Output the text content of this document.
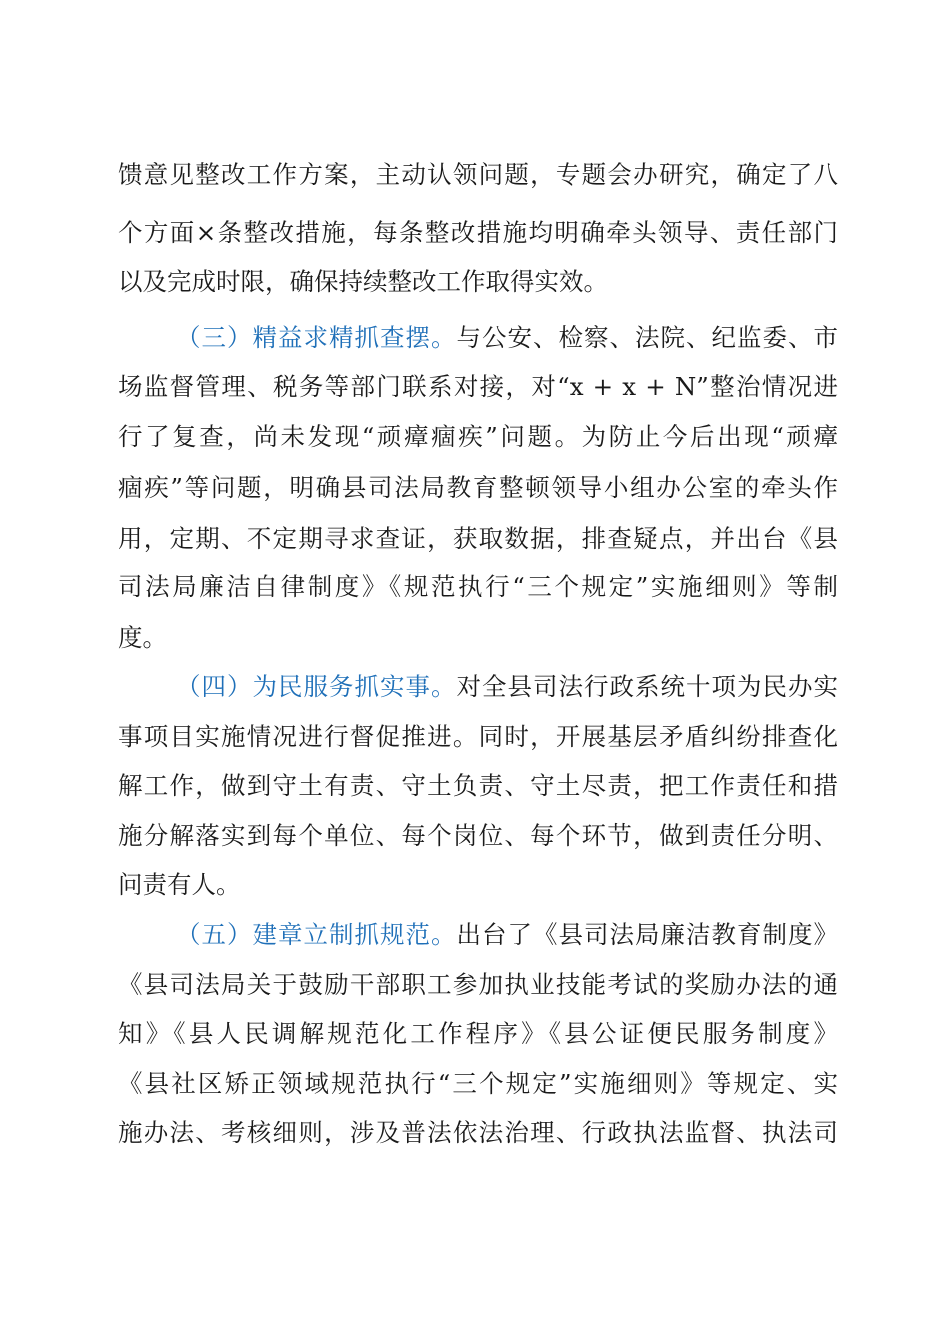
馈意见整改工作方案，主动认领问题，专题会办研究，确定了八
个方面×条整改措施，每条整改措施均明确牵头领导、责任部门
以及完成时限，确保持续整改工作取得实效。
（三）精益求精抓查摆。与公安、检察、法院、纪监委、市
场监督管理、税务等部门联系对接，对“x + x + N”整治情况进
行了复查，尚未发现“顽瘴痼疾”问题。为防止今后出现“顽瘴
痼疾”等问题，明确县司法局教育整顿领导小组办公室的牵头作
用，定期、不定期寻求查证，获取数据，排查疑点，并出台《县
司法局廉洁自律制度》《规范执行“三个规定”实施细则》等制
度。
（四）为民服务抓实事。对全县司法行政系统十项为民办实
事项目实施情况进行督促推进。同时，开展基层矛盾纠纷排查化
解工作，做到守土有责、守土负责、守土尽责，把工作责任和措
施分解落实到每个单位、每个岗位、每个环节，做到责任分明、
问责有人。
（五）建章立制抓规范。出台了《县司法局廉洁教育制度》
《县司法局关于鼓励干部职工参加执业技能考试的奖励办法的通
知》《县人民调解规范化工作程序》《县公证便民服务制度》
《县社区矫正领域规范执行“三个规定”实施细则》等规定、实
施办法、考核细则，涉及普法依法治理、行政执法监督、执法司
